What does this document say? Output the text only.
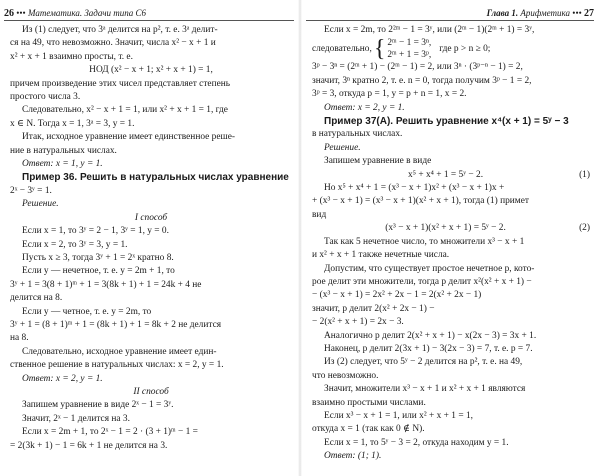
26 ••• Математика. Задачи типа С6

Из (1) следует, что 3ᵃ делится на p², т. е. 3ᵃ делит-

ся на 49, что невозможно. Значит, числа x² − x + 1 и

x² + x + 1 взаимно просты, т. е.

НОД (x² − x + 1; x² + x + 1) = 1,

причем произведение этих чисел представляет степень

простого числа 3.

Следовательно, x² − x + 1 = 1, или x² + x + 1 = 1, где

x ∈ N. Тогда x = 1, 3ᵃ = 3, y = 1.

Итак, исходное уравнение имеет единственное реше-

ние в натуральных числах.

Ответ: x = 1, y = 1.

Пример 36. Решить в натуральных числах уравнение

2ˣ − 3ʸ = 1.

Решение.

I способ

Если x = 1, то 3ʸ = 2 − 1, 3ʸ = 1, y = 0.

Если x = 2, то 3ʸ = 3, y = 1.

Пусть x ≥ 3, тогда 3ʸ + 1 = 2ˣ кратно 8.

Если y — нечетное, т. е. y = 2m + 1, то

3ʸ + 1 = 3(8 + 1)ᵐ + 1 = 3(8k + 1) + 1 = 24k + 4 не

делится на 8.

Если y — четное, т. е. y = 2m, то

3ʸ + 1 = (8 + 1)ᵐ + 1 = (8k + 1) + 1 = 8k + 2 не делится

на 8.

Следовательно, исходное уравнение имеет един-

ственное решение в натуральных числах: x = 2, y = 1.

Ответ: x = 2, y = 1.

II способ

Запишем уравнение в виде 2ˣ − 1 = 3ʸ.

Значит, 2ˣ − 1 делится на 3.

Если x = 2m + 1, то 2ˣ − 1 = 2 · (3 + 1)ᵐ − 1 =

= 2(3k + 1) − 1 = 6k + 1 не делится на 3.

Глава 1. Арифметика ••• 27

Если x = 2m, то 2²ᵐ − 1 = 3ʸ, или (2ᵐ − 1)(2ᵐ + 1) = 3ʸ,

следовательно, { 2ᵐ − 1 = 3ⁿ,
2ᵐ + 1 = 3ᵖ,
где p > n ≥ 0;

3ᵖ − 3ⁿ = (2ᵐ + 1) − (2ᵐ − 1) = 2, или 3ⁿ · (3ᵖ⁻ⁿ − 1) = 2,

значит, 3ⁿ кратно 2, т. е. n = 0, тогда получим 3ᵖ − 1 = 2,

3ᵖ = 3, откуда p = 1, y = p + n = 1, x = 2.

Ответ: x = 2, y = 1.

Пример 37(А). Решить уравнение x⁴(x + 1) = 5ʸ − 3

в натуральных числах.

Решение.

Запишем уравнение в виде

x⁵ + x⁴ + 1 = 5ʸ − 2.	(1)

Но x⁵ + x⁴ + 1 = (x³ − x + 1)x² + (x³ − x + 1)x +

+ (x³ − x + 1) = (x³ − x + 1)(x² + x + 1), тогда (1) примет

вид

(x³ − x + 1)(x² + x + 1) = 5ʸ − 2.	(2)

Так как 5 нечетное число, то множители x³ − x + 1

и x² + x + 1 также нечетные числа.

Допустим, что существует простое нечетное p, кото-

рое делит эти множители, тогда p делит x²(x² + x + 1) −

− (x³ − x + 1) = 2x² + 2x − 1 = 2(x² + 2x − 1)

значит, p делит 2(x² + 2x − 1) −

− 2(x² + x + 1) = 2x − 3.

Аналогично p делит 2(x² + x + 1) − x(2x − 3) = 3x + 1.

Наконец, p делит 2(3x + 1) − 3(2x − 3) = 7, т. е. p = 7.

Из (2) следует, что 5ʸ − 2 делится на p², т. е. на 49,

что невозможно.

Значит, множители x³ − x + 1 и x² + x + 1 являются

взаимно простыми числами.

Если x³ − x + 1 = 1, или x² + x + 1 = 1,

откуда x = 1 (так как 0 ∉ N).

Если x = 1, то 5ʸ − 3 = 2, откуда находим y = 1.

Ответ: (1; 1).
